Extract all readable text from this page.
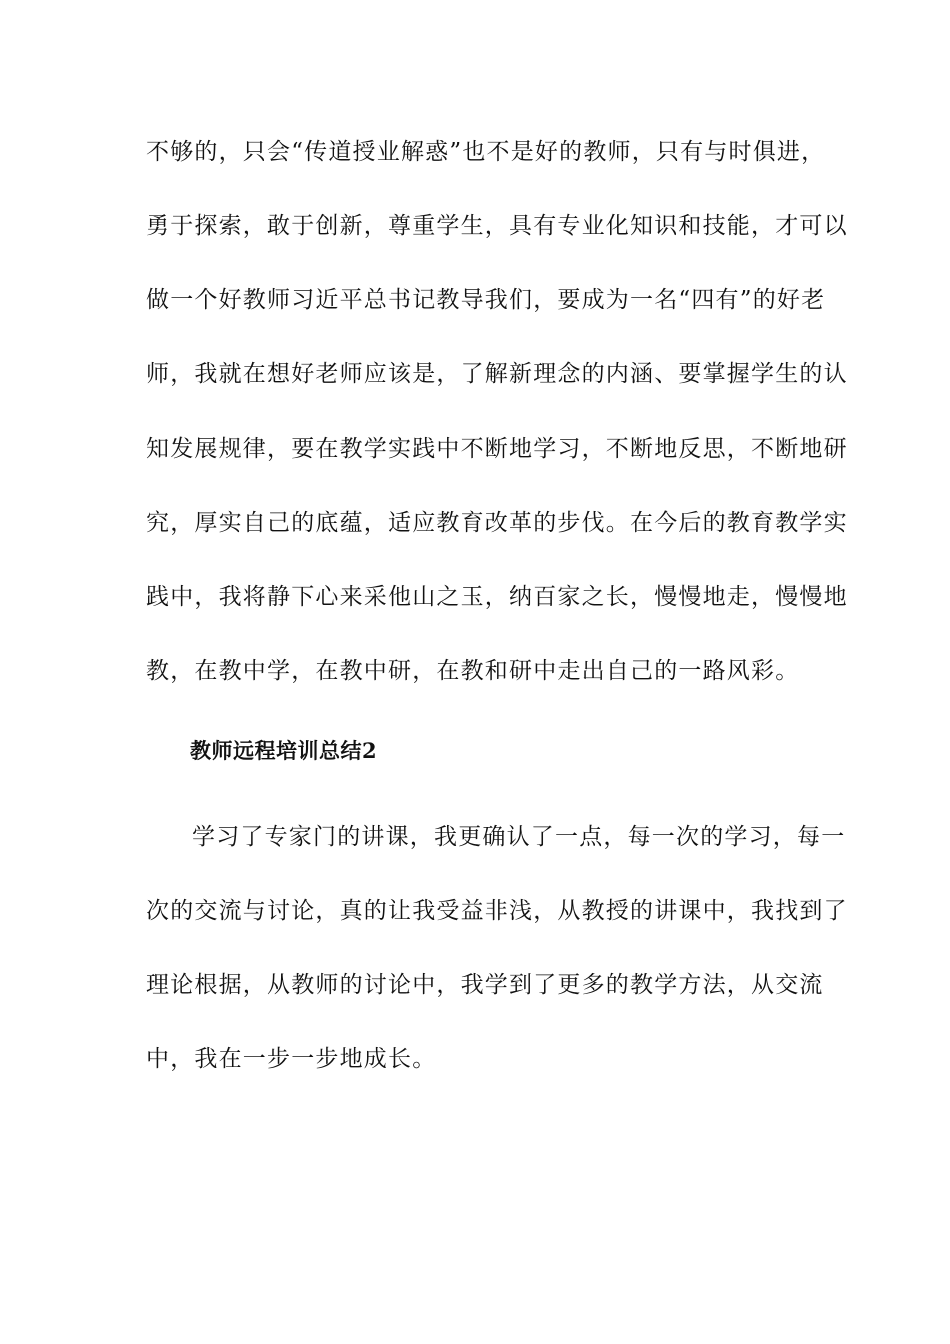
不够的，只会“传道授业解惑”也不是好的教师，只有与时俱进，
勇于探索，敢于创新，尊重学生，具有专业化知识和技能，才可以
做一个好教师习近平总书记教导我们，要成为一名“四有”的好老
师，我就在想好老师应该是，了解新理念的内涵、要掌握学生的认
知发展规律，要在教学实践中不断地学习，不断地反思，不断地研
究，厚实自己的底蕴，适应教育改革的步伐。在今后的教育教学实
践中，我将静下心来采他山之玉，纳百家之长，慢慢地走，慢慢地
教，在教中学，在教中研，在教和研中走出自己的一路风彩。
教师远程培训总结2
学习了专家门的讲课，我更确认了一点，每一次的学习，每一
次的交流与讨论，真的让我受益非浅，从教授的讲课中，我找到了
理论根据，从教师的讨论中，我学到了更多的教学方法，从交流
中，我在一步一步地成长。
